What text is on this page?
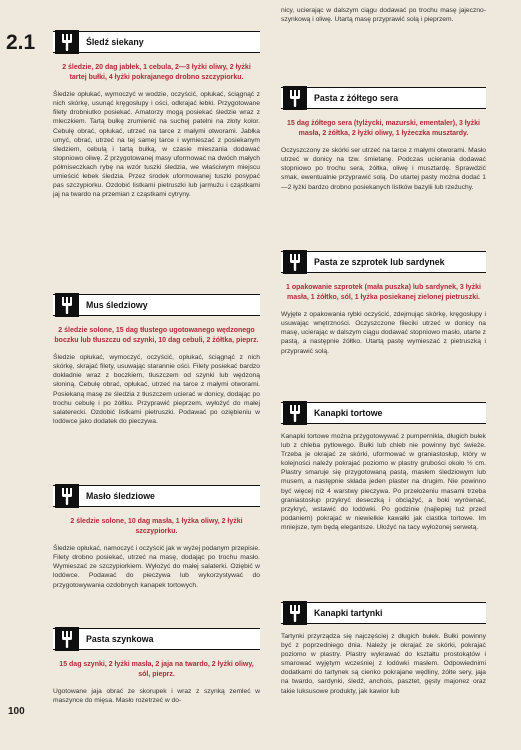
2.1	Śledź siekany

2 śledzie, 20 dag jabłek, 1 cebula, 2—3 łyżki oliwy, 2 łyżki tartej bułki, 4 łyżki pokrajanego drobno szczypiorku.

Śledzie opłukać, wymoczyć w wodzie, oczyścić, opłukać, ściągnąć z nich skórkę, usunąć kręgosłupy i ości, odkrajać łebki. Przygotowane filety drobniutko posiekać. Amatorzy mogą posiekać śledzie wraz z mleczkiem. Tartą bułkę zrumienić na suchej patelni na złoty kolor. Cebulę obrać, opłukać, utrzeć na tarce z małymi otworami. Jabłka umyć, obrać, utrzeć na tej samej tarce i wymieszać z posiekanym śledziem, cebulą i tartą bułką, w czasie mieszania dodawać stopniowo oliwę. Z przygotowanej masy uformować na dwóch małych półmiseczkach rybę na wzór tuszki śledzia, we właściwym miejscu umieścić łebek śledzia. Przez środek uformowanej tuszki posypać pas szczypiorku. Ozdobić listkami pietruszki lub jarmużu i cząstkami jaj na twardo na przemian z cząstkami cytryny.

Mus śledziowy

2 śledzie solone, 15 dag tłustego ugotowanego wędzonego boczku lub tłuszczu od szynki, 10 dag cebuli, 2 żółtka, pieprz.

Śledzie opłukać, wymoczyć, oczyścić, opłukać, ściągnąć z nich skórkę, skrajać filety, usuwając starannie ości. Filety posiekać bardzo dokładnie wraz z boczkiem, tłuszczem od szynki lub wędzoną słoniną. Cebulę obrać, opłukać, utrzeć na tarce z małymi otworami. Posiekaną masę ze śledzia z tłuszczem ucierać w donicy, dodając po trochu cebulę i po żółtku. Przyprawić pieprzem, wyłożyć do małej salaterecki. Ozdobić listkami pietruszki. Podawać po oziębieniu w lodówce jako dodatek do pieczywa.

Masło śledziowe

2 śledzie solone, 10 dag masła, 1 łyżka oliwy, 2 łyżki szczypiorku.

Śledzie opłukać, namoczyć i oczyścić jak w wyżej podanym przepisie. Filety drobno posiekać, utrzeć na masę, dodając po trochu masło. Wymieszać ze szczypiorkiem. Wyłożyć do małej salaterki. Oziębić w lodówce. Podawać do pieczywa lub wykorzystywać do przygotowywania ozdobnych kanapek tortowych.

Pasta szynkowa

15 dag szynki, 2 łyżki masła, 2 jaja na twardo, 2 łyżki oliwy, sól, pieprz.

Ugotowane jaja obrać ze skorupek i wraz z szynką zemleć w maszynce do mięsa. Masło rozetrzeć w do-

nicy, ucierając w dalszym ciągu dodawać po trochu masę jajeczno-szynkową i oliwę. Utartą masę przyprawić solą i pieprzem.

Pasta z żółtego sera

15 dag żółtego sera (tylżycki, mazurski, ementaler), 3 łyżki masła, 2 żółtka, 2 łyżki oliwy, 1 łyżeczka musztardy.

Oczyszczony ze skórki ser utrzeć na tarce z małymi otworami. Masło utrzeć w donicy na tzw. śmietanę. Podczas ucierania dodawać stopniowo po trochu sera, żółtka, oliwę i musztardę. Sprawdzić smak, ewentualnie przyprawić solą. Do utartej pasty można dodać 1—2 łyżki bardzo drobno posiekanych listków bazylii lub rzeżuchy.

Pasta ze szprotek lub sardynek

1 opakowanie szprotek (mała puszka) lub sardynek, 3 łyżki masła, 1 żółtko, sól, 1 łyżka posiekanej zielonej pietruszki.

Wyjęte z opakowania rybki oczyścić, zdejmując skórkę, kręgosłupy i usuwając wnętrzności. Oczyszczone fileciki utrzeć w donicy na masę, ucierając w dalszym ciągu dodawać stopniowo masło, utarte z pastą, a następnie żółtko. Utartą pastę wymieszać z pietruszką i przyprawić solą.

Kanapki tortowe

Kanapki tortowe można przygotowywać z pumpernikla, długich bułek lub z chleba pytlowego. Bułki lub chleb nie powinny być świeże. Trzeba je okrajać ze skórki, uformować w graniastosłup, który w kolejności należy pokrajać poziomo w plastry grubości około ½ cm. Plastry smaruje się przygotowaną pastą, masłem śledziowym lub musem, a następnie składa jeden plaster na drugim. Nie powinno być więcej niż 4 warstwy pieczywa. Po przełożeniu masami trzeba graniastosłup przykryć deseczką i obciążyć, a boki wyrównać, przykryć, wstawić do lodówki. Po godzinie (najlepiej tuż przed podaniem) pokrajać w niewielkie kawałki jak ciastka tortowe. Im mniejsze, tym będą elegantsze. Ułożyć na tacy wyłożonej serwetą.

Kanapki tartynki

Tartynki przyrządza się najczęściej z długich bułek. Bułki powinny być z poprzedniego dnia. Należy je okrajać ze skórki, pokrajać poziomo w plastry. Plastry wykrawać do kształtu prostokątów i smarować wyjętym wcześniej z lodówki masłem. Odpowiednimi dodatkami do tartynek są cienko pokrajane wędliny, żółte sery, jaja na twardo, sardynki, śledź, anchois, pasztet, gęsty majonez oraz takie luksusowe produkty, jak kawior lub

100
